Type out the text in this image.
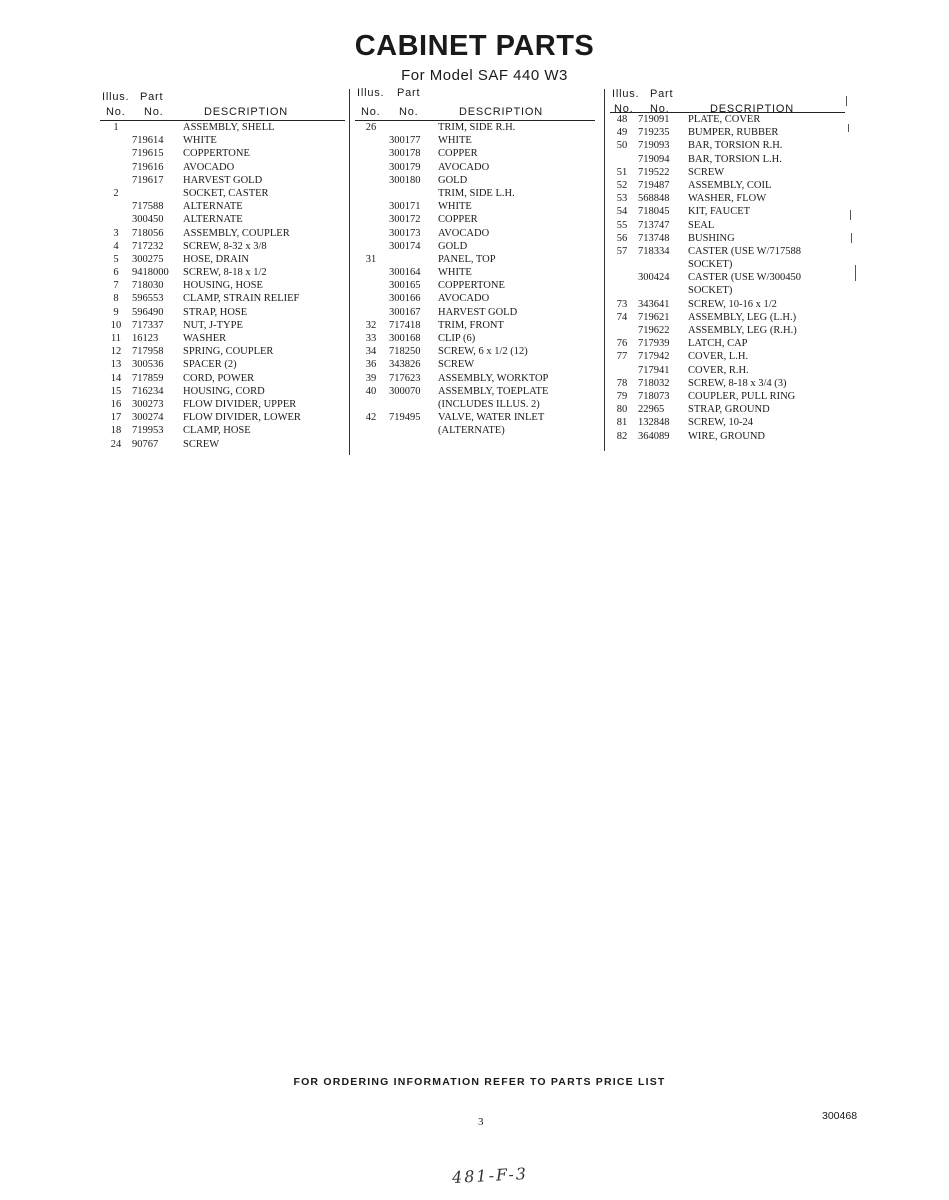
CABINET PARTS
For Model SAF 440 W3
Illus. Part
No. No.	DESCRIPTION
1	ASSEMBLY, SHELL
719614 WHITE
719615 COPPERTONE
719616 AVOCADO
719617 HARVEST GOLD
2	SOCKET, CASTER
717588 ALTERNATE
300450 ALTERNATE
3	718056 ASSEMBLY, COUPLER
4	717232 SCREW, 8-32 x 3/8
5	300275 HOSE, DRAIN
6	9418000 SCREW, 8-18 x 1/2
7	718030 HOUSING, HOSE
8	596553 CLAMP, STRAIN RELIEF
9	596490 STRAP, HOSE
10	717337 NUT, J-TYPE
11	16123 WASHER
12	717958 SPRING, COUPLER
13	300536 SPACER (2)
14	717859 CORD, POWER
15	716234 HOUSING, CORD
16	300273 FLOW DIVIDER, UPPER
17	300274 FLOW DIVIDER, LOWER
18	719953 CLAMP, HOSE
24	90767 SCREW
Illus. Part
No. No.	DESCRIPTION
26	TRIM, SIDE R.H.
300177 WHITE
300178 COPPER
300179 AVOCADO
300180 GOLD
TRIM, SIDE L.H.
300171 WHITE
300172 COPPER
300173 AVOCADO
300174 GOLD
31	PANEL, TOP
300164 WHITE
300165 COPPERTONE
300166 AVOCADO
300167 HARVEST GOLD
32	717418 TRIM, FRONT
33	300168 CLIP (6)
34	718250 SCREW, 6 x 1/2 (12)
36	343826 SCREW
39	717623 ASSEMBLY, WORKTOP
40	300070 ASSEMBLY, TOEPLATE
(INCLUDES ILLUS. 2)
42	719495 VALVE, WATER INLET
(ALTERNATE)
Illus. Part
No. No.	DESCRIPTION
48	719091 PLATE, COVER
49	719235 BUMPER, RUBBER
50	719093 BAR, TORSION R.H.
719094 BAR, TORSION L.H.
51	719522 SCREW
52	719487 ASSEMBLY, COIL
53	568848 WASHER, FLOW
54	718045 KIT, FAUCET
55	713747 SEAL
56	713748 BUSHING
57	718334 CASTER (USE W/717588
SOCKET)
300424 CASTER (USE W/300450
SOCKET)
73	343641 SCREW, 10-16 x 1/2
74	719621 ASSEMBLY, LEG (L.H.)
719622 ASSEMBLY, LEG (R.H.)
76	717939 LATCH, CAP
77	717942 COVER, L.H.
717941 COVER, R.H.
78	718032 SCREW, 8-18 x 3/4 (3)
79	718073 COUPLER, PULL RING
80	22965 STRAP, GROUND
81	132848 SCREW, 10-24
82	364089 WIRE, GROUND
FOR ORDERING INFORMATION REFER TO PARTS PRICE LIST
3	300468
481-F-3
